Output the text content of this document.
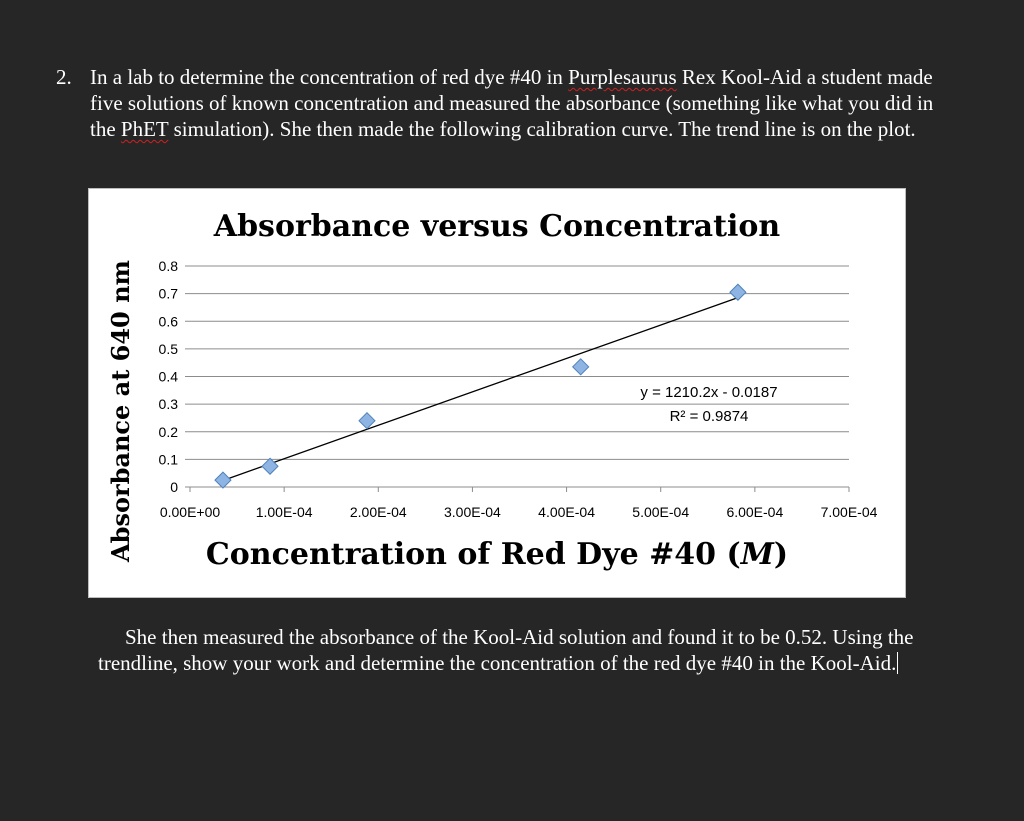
2. In a lab to determine the concentration of red dye #40 in Purplesaurus Rex Kool-Aid a student made five solutions of known concentration and measured the absorbance (something like what you did in the PhET simulation). She then made the following calibration curve. The trend line is on the plot.
Absorbance versus Concentration
0
0.1
0.2
0.3
0.4
0.5
0.6
0.7
0.8
0.00E+00	1.00E-04	2.00E-04	3.00E-04	4.00E-04	5.00E-04	6.00E-04	7.00E-04
y = 1210.2x - 0.0187
R² = 0.9874
Concentration of Red Dye #40 (M)
Absorbance at 640 nm
She then measured the absorbance of the Kool-Aid solution and found it to be 0.52. Using the trendline, show your work and determine the concentration of the red dye #40 in the Kool-Aid.
